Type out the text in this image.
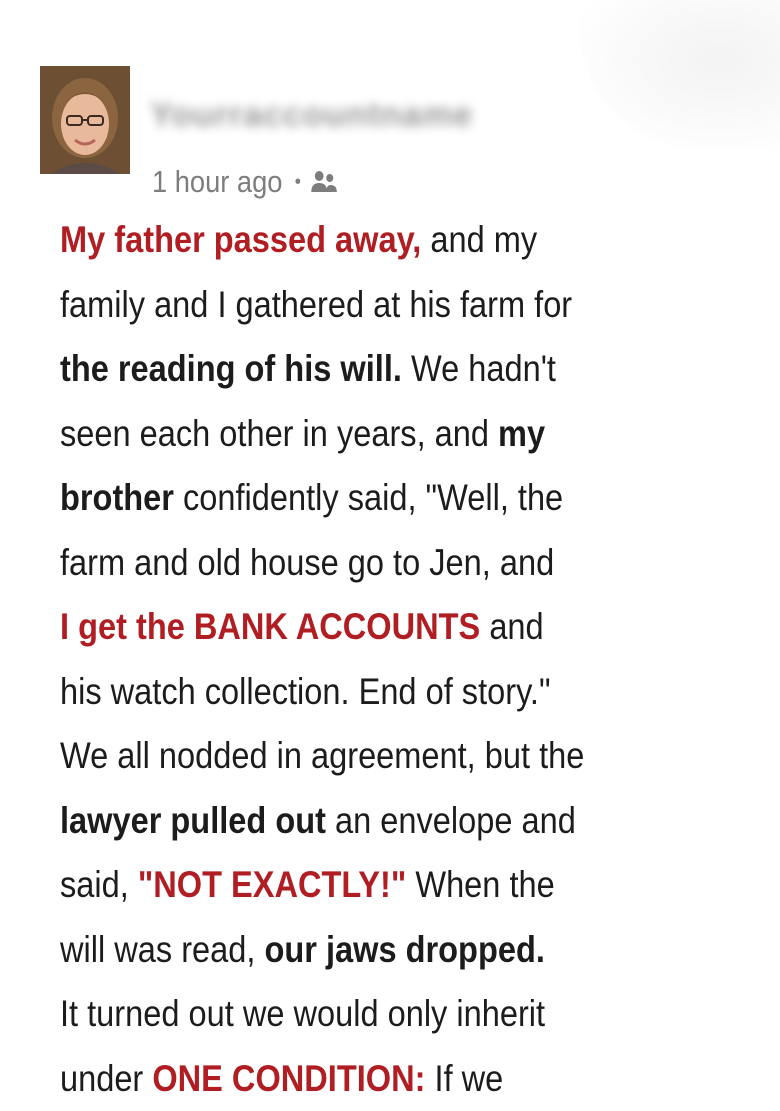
Yourraccountname
1 hour ago •
My father passed away, and my
family and I gathered at his farm for
the reading of his will. We hadn't
seen each other in years, and my
brother confidently said, "Well, the
farm and old house go to Jen, and
I get the BANK ACCOUNTS and
his watch collection. End of story."
We all nodded in agreement, but the
lawyer pulled out an envelope and
said, "NOT EXACTLY!" When the
will was read, our jaws dropped.
It turned out we would only inherit
under ONE CONDITION: If we
